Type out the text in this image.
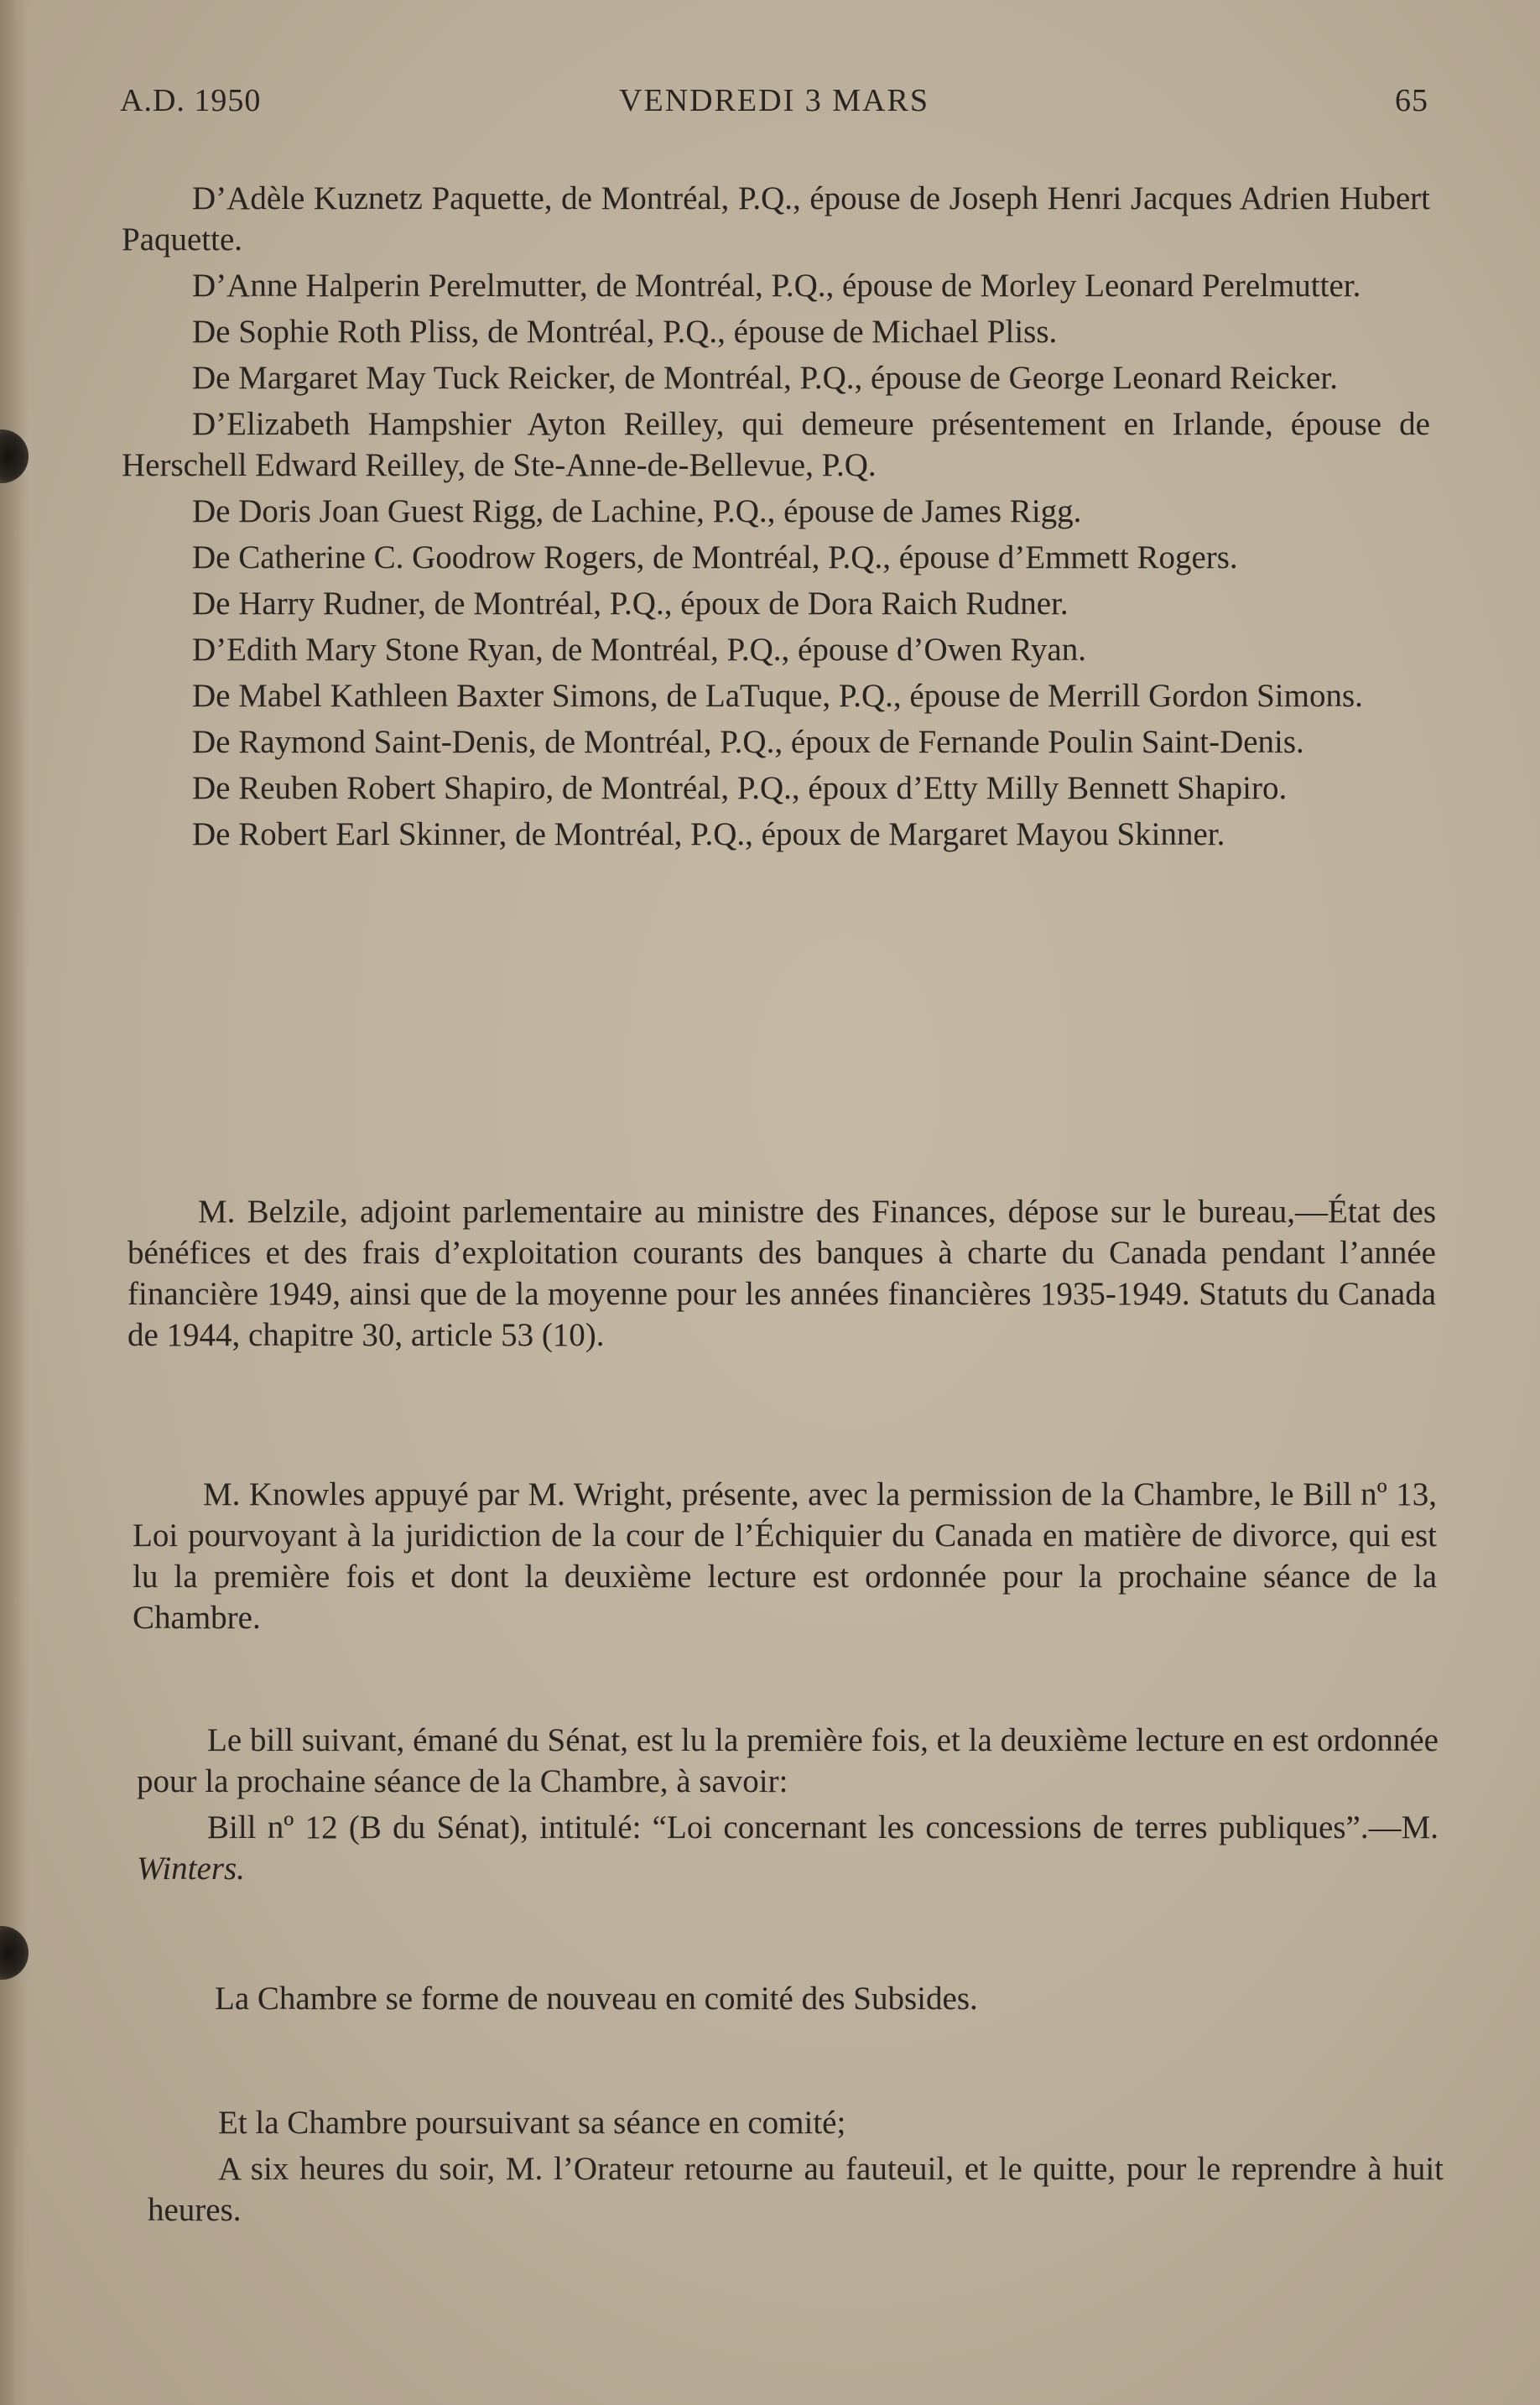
A.D. 1950	VENDREDI 3 MARS	65

D’Adèle Kuznetz Paquette, de Montréal, P.Q., épouse de Joseph Henri Jacques Adrien Hubert Paquette.

D’Anne Halperin Perelmutter, de Montréal, P.Q., épouse de Morley Leonard Perelmutter.

De Sophie Roth Pliss, de Montréal, P.Q., épouse de Michael Pliss.

De Margaret May Tuck Reicker, de Montréal, P.Q., épouse de George Leonard Reicker.

D’Elizabeth Hampshier Ayton Reilley, qui demeure présentement en Irlande, épouse de Herschell Edward Reilley, de Ste-Anne-de-Bellevue, P.Q.

De Doris Joan Guest Rigg, de Lachine, P.Q., épouse de James Rigg.

De Catherine C. Goodrow Rogers, de Montréal, P.Q., épouse d’Emmett Rogers.

De Harry Rudner, de Montréal, P.Q., époux de Dora Raich Rudner.

D’Edith Mary Stone Ryan, de Montréal, P.Q., épouse d’Owen Ryan.

De Mabel Kathleen Baxter Simons, de LaTuque, P.Q., épouse de Merrill Gordon Simons.

De Raymond Saint-Denis, de Montréal, P.Q., époux de Fernande Poulin Saint-Denis.

De Reuben Robert Shapiro, de Montréal, P.Q., époux d’Etty Milly Bennett Shapiro.

De Robert Earl Skinner, de Montréal, P.Q., époux de Margaret Mayou Skinner.

M. Belzile, adjoint parlementaire au ministre des Finances, dépose sur le bureau,—État des bénéfices et des frais d’exploitation courants des banques à charte du Canada pendant l’année financière 1949, ainsi que de la moyenne pour les années financières 1935-1949. Statuts du Canada de 1944, chapitre 30, article 53 (10).

M. Knowles appuyé par M. Wright, présente, avec la permission de la Chambre, le Bill nº 13, Loi pourvoyant à la juridiction de la cour de l’Échiquier du Canada en matière de divorce, qui est lu la première fois et dont la deuxième lecture est ordonnée pour la prochaine séance de la Chambre.

Le bill suivant, émané du Sénat, est lu la première fois, et la deuxième lecture en est ordonnée pour la prochaine séance de la Chambre, à savoir:

Bill nº 12 (B du Sénat), intitulé: “Loi concernant les concessions de terres publiques”.—M. Winters.

La Chambre se forme de nouveau en comité des Subsides.

Et la Chambre poursuivant sa séance en comité;

A six heures du soir, M. l’Orateur retourne au fauteuil, et le quitte, pour le reprendre à huit heures.
